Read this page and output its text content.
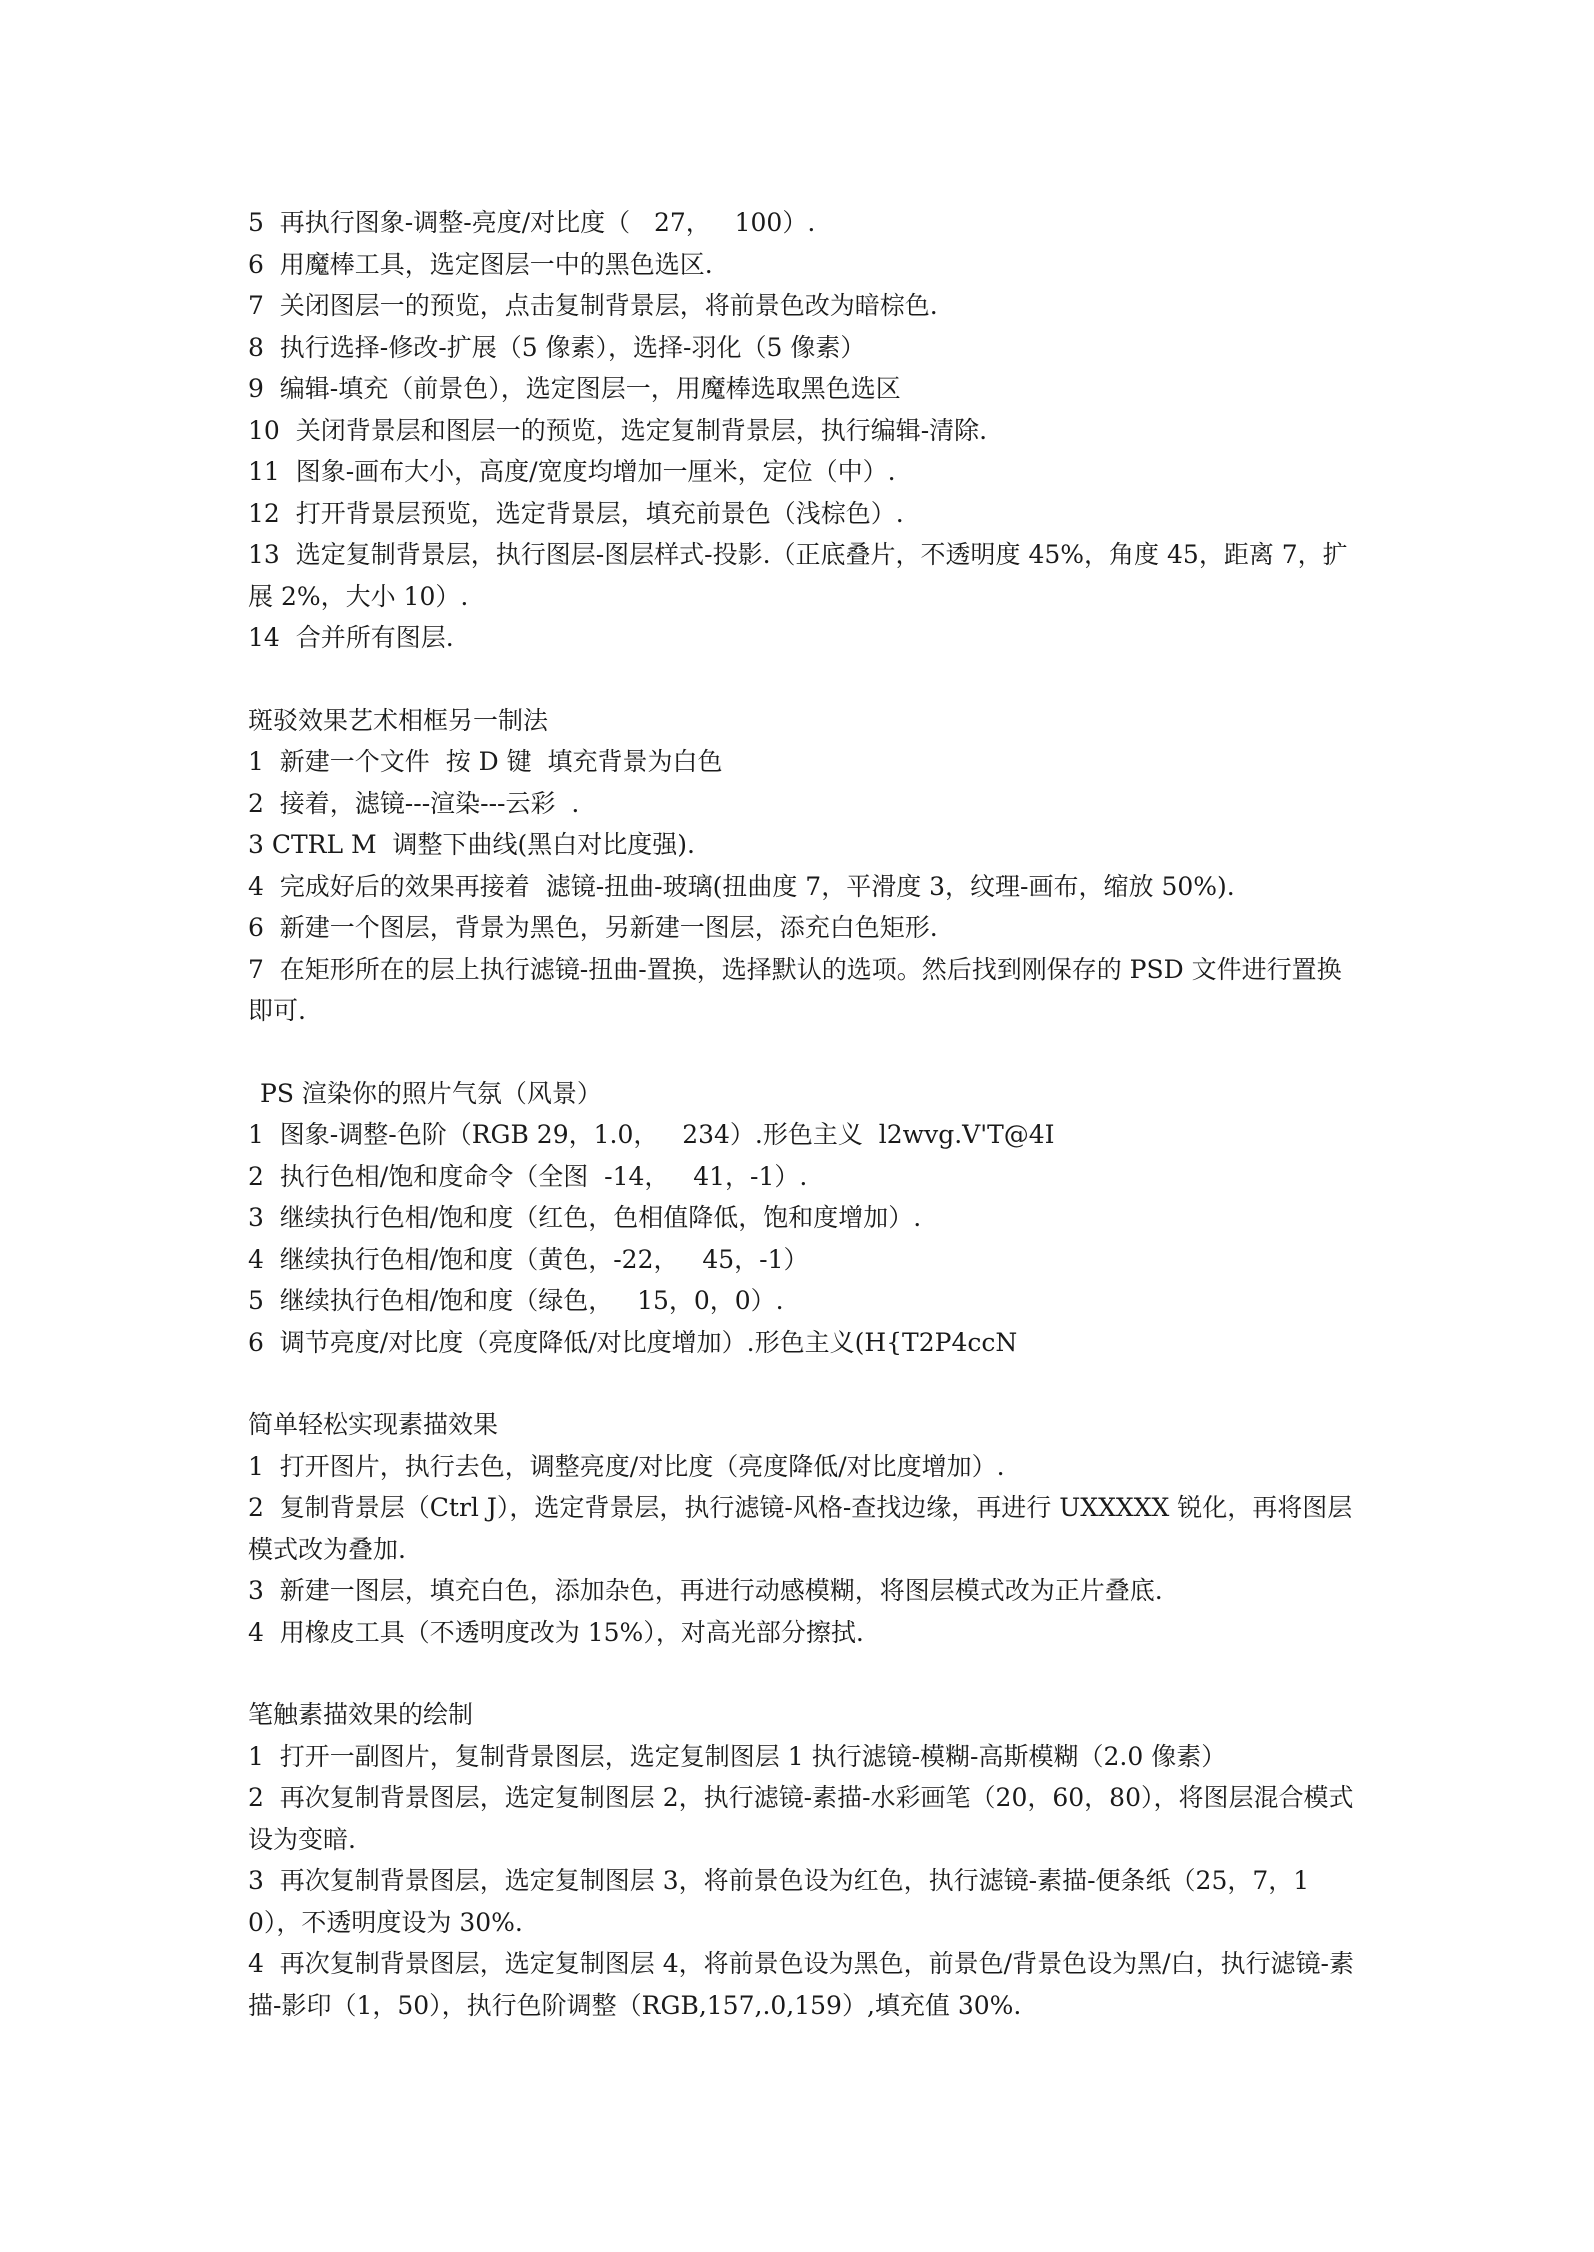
5  再执行图象-调整-亮度/对比度（   27，   100）.

6  用魔棒工具，选定图层一中的黑色选区.

7  关闭图层一的预览，点击复制背景层，将前景色改为暗棕色.

8  执行选择-修改-扩展（5 像素），选择-羽化（5 像素）

9  编辑-填充（前景色），选定图层一，用魔棒选取黑色选区

10  关闭背景层和图层一的预览，选定复制背景层，执行编辑-清除.

11  图象-画布大小，高度/宽度均增加一厘米，定位（中）.

12  打开背景层预览，选定背景层，填充前景色（浅棕色）.

13  选定复制背景层，执行图层-图层样式-投影.（正底叠片，不透明度 45%，角度 45，距离 7，扩展 2%，大小 10）.

14  合并所有图层.

斑驳效果艺术相框另一制法

1  新建一个文件  按 D 键  填充背景为白色

2  接着，滤镜---渲染---云彩  .

3 CTRL M  调整下曲线(黑白对比度强).

4  完成好后的效果再接着  滤镜-扭曲-玻璃(扭曲度 7，平滑度 3，纹理-画布，缩放 50%).

6  新建一个图层，背景为黑色，另新建一图层，添充白色矩形.

7  在矩形所在的层上执行滤镜-扭曲-置换，选择默认的选项。然后找到刚保存的 PSD 文件进行置换即可.

PS 渲染你的照片气氛（风景）

1  图象-调整-色阶（RGB 29，1.0，   234）.形色主义  l2wvg.V'T@4I

2  执行色相/饱和度命令（全图  -14，   41，-1）.

3  继续执行色相/饱和度（红色，色相值降低，饱和度增加）.

4  继续执行色相/饱和度（黄色，-22，   45，-1）

5  继续执行色相/饱和度（绿色，   15，0，0）.

6  调节亮度/对比度（亮度降低/对比度增加）.形色主义(H{T2P4ccN

简单轻松实现素描效果

1  打开图片，执行去色，调整亮度/对比度（亮度降低/对比度增加）.

2  复制背景层（Ctrl J），选定背景层，执行滤镜-风格-查找边缘，再进行 UXXXXX 锐化，再将图层模式改为叠加.

3  新建一图层，填充白色，添加杂色，再进行动感模糊，将图层模式改为正片叠底.

4  用橡皮工具（不透明度改为 15%），对高光部分擦拭.

笔触素描效果的绘制

1  打开一副图片，复制背景图层，选定复制图层 1 执行滤镜-模糊-高斯模糊（2.0 像素）

2  再次复制背景图层，选定复制图层 2，执行滤镜-素描-水彩画笔（20，60，80），将图层混合模式设为变暗.

3  再次复制背景图层，选定复制图层 3，将前景色设为红色，执行滤镜-素描-便条纸（25，7，10），不透明度设为 30%.

4  再次复制背景图层，选定复制图层 4，将前景色设为黑色，前景色/背景色设为黑/白，执行滤镜-素描-影印（1，50），执行色阶调整（RGB,157,.0,159）,填充值 30%.
